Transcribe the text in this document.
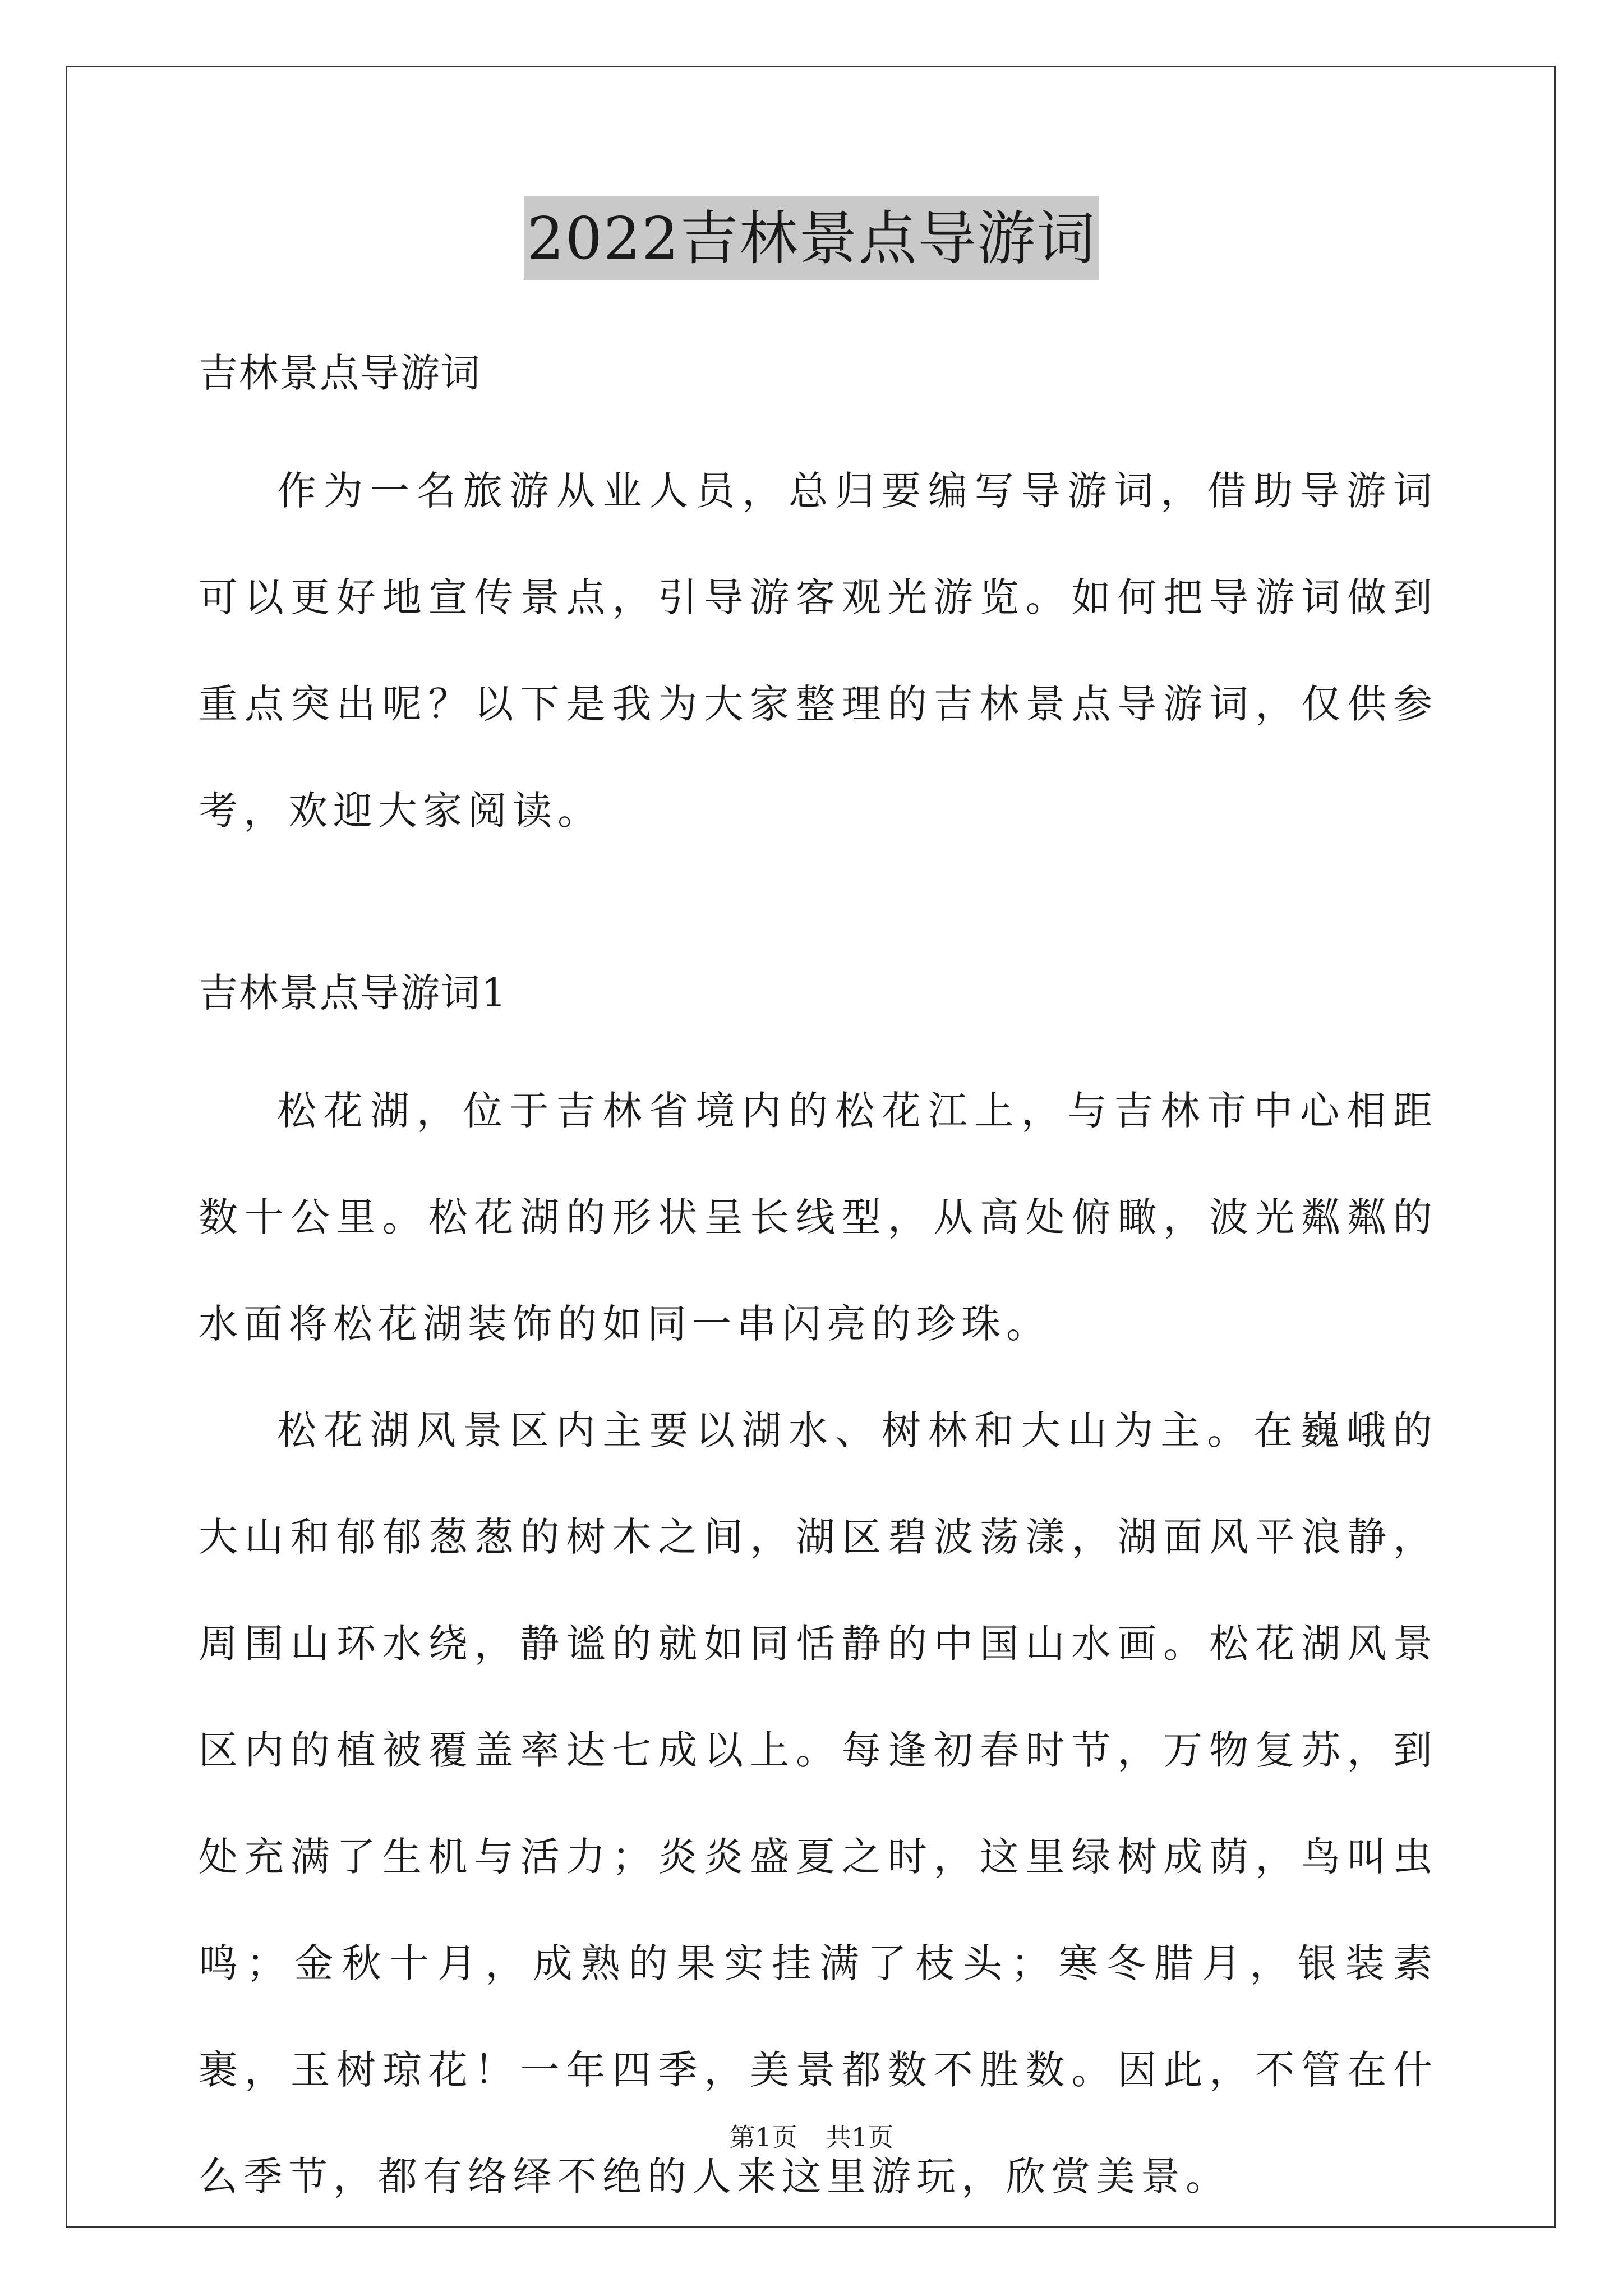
2022吉林景点导游词

吉林景点导游词

作为一名旅游从业人员，总归要编写导游词，借助导游词可以更好地宣传景点，引导游客观光游览。如何把导游词做到重点突出呢？以下是我为大家整理的吉林景点导游词，仅供参考，欢迎大家阅读。

吉林景点导游词1

松花湖，位于吉林省境内的松花江上，与吉林市中心相距数十公里。松花湖的形状呈长线型，从高处俯瞰，波光粼粼的水面将松花湖装饰的如同一串闪亮的珍珠。

松花湖风景区内主要以湖水、树林和大山为主。在巍峨的大山和郁郁葱葱的树木之间，湖区碧波荡漾，湖面风平浪静，周围山环水绕，静谧的就如同恬静的中国山水画。松花湖风景区内的植被覆盖率达七成以上。每逢初春时节，万物复苏，到处充满了生机与活力；炎炎盛夏之时，这里绿树成荫，鸟叫虫鸣；金秋十月，成熟的果实挂满了枝头；寒冬腊月，银装素裹，玉树琼花！一年四季，美景都数不胜数。因此，不管在什么季节，都有络绎不绝的人来这里游玩，欣赏美景。

第1页 共1页
